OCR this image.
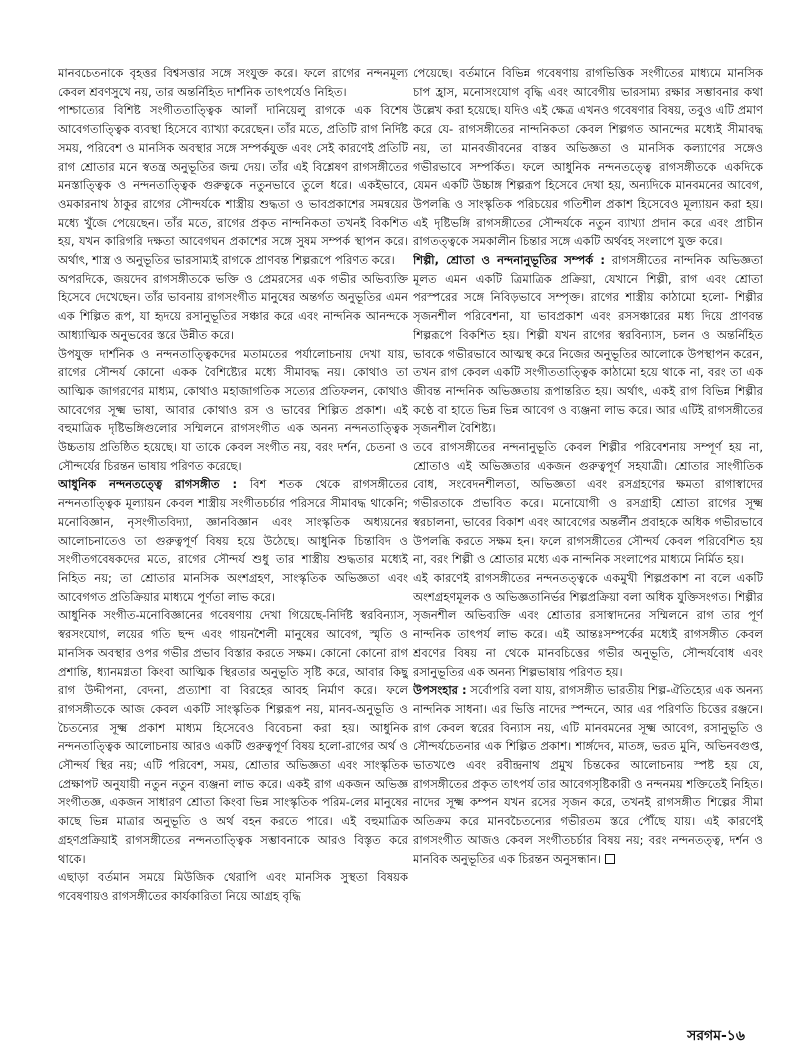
মানবচেতনাকে বৃহত্তর বিশ্বসত্তার সঙ্গে সংযুক্ত করে। ফলে রাগের নন্দনমূল্য কেবল শ্রবণসুখে নয়, তার অন্তর্নিহিত দার্শনিক তাৎপর্যেও নিহিত।

পাশ্চাত্যের বিশিষ্ট সংগীততাত্ত্বিক আলাঁ দানিয়েলু রাগকে এক বিশেষ আবেগতাত্ত্বিক ব্যবস্থা হিসেবে ব্যাখ্যা করেছেন। তাঁর মতে, প্রতিটি রাগ নির্দিষ্ট সময়, পরিবেশ ও মানসিক অবস্থার সঙ্গে সম্পর্কযুক্ত এবং সেই কারণেই প্রতিটি রাগ শ্রোতার মনে স্বতন্ত্র অনুভূতির জন্ম দেয়। তাঁর এই বিশ্লেষণ রাগসঙ্গীতের মনস্তাত্ত্বিক ও নন্দনতাত্ত্বিক গুরুত্বকে নতুনভাবে তুলে ধরে। একইভাবে, ওমকারনাথ ঠাকুর রাগের সৌন্দর্যকে শাস্ত্রীয় শুদ্ধতা ও ভাবপ্রকাশের সমন্বয়ের মধ্যে খুঁজে পেয়েছেন। তাঁর মতে, রাগের প্রকৃত নান্দনিকতা তখনই বিকশিত হয়, যখন কারিগরি দক্ষতা আবেগঘন প্রকাশের সঙ্গে সুষম সম্পর্ক স্থাপন করে। অর্থাৎ, শাস্ত্র ও অনুভূতির ভারসাম্যই রাগকে প্রাণবন্ত শিল্পরূপে পরিণত করে।

অপরদিকে, জয়দেব রাগসঙ্গীতকে ভক্তি ও প্রেমরসের এক গভীর অভিব্যক্তি হিসেবে দেখেছেন। তাঁর ভাবনায় রাগসংগীত মানুষের অন্তর্গত অনুভূতির এমন এক শিল্পিত রূপ, যা হৃদয়ে রসানুভূতির সঞ্চার করে এবং নান্দনিক আনন্দকে আধ্যাত্মিক অনুভবের স্তরে উন্নীত করে।

উপযুক্ত দার্শনিক ও নন্দনতাত্ত্বিকদের মতামতের পর্যালোচনায় দেখা যায়, রাগের সৌন্দর্য কোনো একক বৈশিষ্ট্যের মধ্যে সীমাবদ্ধ নয়। কোথাও তা আত্মিক জাগরণের মাধ্যম, কোথাও মহাজাগতিক সত্যের প্রতিফলন, কোথাও আবেগের সূক্ষ্ম ভাষা, আবার কোথাও রস ও ভাবের শিল্পিত প্রকাশ। এই বহুমাত্রিক দৃষ্টিভঙ্গিগুলোর সম্মিলনে রাগসংগীত এক অনন্য নন্দনতাত্ত্বিক উচ্চতায় প্রতিষ্ঠিত হয়েছে। যা তাকে কেবল সংগীত নয়, বরং দর্শন, চেতনা ও সৌন্দর্যের চিরন্তন ভাষায় পরিণত করেছে।

আধুনিক নন্দনতত্ত্বে রাগসঙ্গীত : বিশ শতক থেকে রাগসঙ্গীতের নন্দনতাত্ত্বিক মূল্যায়ন কেবল শাস্ত্রীয় সংগীতচর্চার পরিসরে সীমাবদ্ধ থাকেনি; মনোবিজ্ঞান, নৃসংগীতবিদ্যা, জ্ঞানবিজ্ঞান এবং সাংস্কৃতিক অধ্যয়নের আলোচনাতেও তা গুরুত্বপূর্ণ বিষয় হয়ে উঠেছে। আধুনিক চিন্তাবিদ ও সংগীতগবেষকদের মতে, রাগের সৌন্দর্য শুধু তার শাস্ত্রীয় শুদ্ধতার মধ্যেই নিহিত নয়; তা শ্রোতার মানসিক অংশগ্রহণ, সাংস্কৃতিক অভিজ্ঞতা এবং আবেগগত প্রতিক্রিয়ার মাধ্যমে পূর্ণতা লাভ করে।

আধুনিক সংগীত-মনোবিজ্ঞানের গবেষণায় দেখা গিয়েছে-নির্দিষ্ট স্বরবিন্যাস, স্বরসংযোগ, লয়ের গতি ছন্দ এবং গায়নশৈলী মানুষের আবেগ, স্মৃতি ও মানসিক অবস্থার ওপর গভীর প্রভাব বিস্তার করতে সক্ষম। কোনো কোনো রাগ প্রশান্তি, ধ্যানমগ্নতা কিংবা আত্মিক স্থিরতার অনুভূতি সৃষ্টি করে, আবার কিছু রাগ উদ্দীপনা, বেদনা, প্রত্যাশা বা বিরহের আবহ নির্মাণ করে। ফলে রাগসঙ্গীতকে আজ কেবল একটি সাংস্কৃতিক শিল্পরূপ নয়, মানব-অনুভূতি ও চৈতন্যের সূক্ষ্ম প্রকাশ মাধ্যম হিসেবেও বিবেচনা করা হয়। আধুনিক নন্দনতাত্ত্বিক আলোচনায় আরও একটি গুরুত্বপূর্ণ বিষয় হলো-রাগের অর্থ ও সৌন্দর্য স্থির নয়; এটি পরিবেশ, সময়, শ্রোতার অভিজ্ঞতা এবং সাংস্কৃতিক প্রেক্ষাপট অনুযায়ী নতুন নতুন ব্যঞ্জনা লাভ করে। একই রাগ একজন অভিজ্ঞ সংগীতজ্ঞ, একজন সাধারণ শ্রোতা কিংবা ভিন্ন সাংস্কৃতিক পরিম-লের মানুষের কাছে ভিন্ন মাত্রার অনুভূতি ও অর্থ বহন করতে পারে। এই বহুমাত্রিক গ্রহণপ্রক্রিয়াই রাগসঙ্গীতের নন্দনতাত্ত্বিক সম্ভাবনাকে আরও বিস্তৃত করে থাকে।

এছাড়া বর্তমান সময়ে মিউজিক থেরাপি এবং মানসিক সুস্থতা বিষয়ক গবেষণায়ও রাগসঙ্গীতের কার্যকারিতা নিয়ে আগ্রহ বৃদ্ধি

পেয়েছে। বর্তমানে বিভিন্ন গবেষণায় রাগভিত্তিক সংগীতের মাধ্যমে মানসিক চাপ হ্রাস, মনোসংযোগ বৃদ্ধি এবং আবেগীয় ভারসাম্য রক্ষার সম্ভাবনার কথা উল্লেখ করা হয়েছে। যদিও এই ক্ষেত্র এখনও গবেষণার বিষয়, তবুও এটি প্রমাণ করে যে- রাগসঙ্গীতের নান্দনিকতা কেবল শিল্পগত আনন্দের মধ্যেই সীমাবদ্ধ নয়, তা মানবজীবনের বাস্তব অভিজ্ঞতা ও মানসিক কল্যাণের সঙ্গেও গভীরভাবে সম্পর্কিত। ফলে আধুনিক নন্দনতত্ত্বে রাগসঙ্গীতকে একদিকে যেমন একটি উচ্চাঙ্গ শিল্পরূপ হিসেবে দেখা হয়, অন্যদিকে মানবমনের আবেগ, উপলব্ধি ও সাংস্কৃতিক পরিচয়ের গতিশীল প্রকাশ হিসেবেও মূল্যায়ন করা হয়। এই দৃষ্টিভঙ্গি রাগসঙ্গীতের সৌন্দর্যকে নতুন ব্যাখ্যা প্রদান করে এবং প্রাচীন রাগতত্ত্বকে সমকালীন চিন্তার সঙ্গে একটি অর্থবহ সংলাপে যুক্ত করে।

শিল্পী, শ্রোতা ও নন্দনানুভূতির সম্পর্ক : রাগসঙ্গীতের নান্দনিক অভিজ্ঞতা মূলত এমন একটি ত্রিমাত্রিক প্রক্রিয়া, যেখানে শিল্পী, রাগ এবং শ্রোতা পরস্পরের সঙ্গে নিবিড়ভাবে সম্পৃক্ত। রাগের শাস্ত্রীয় কাঠামো হলো- শিল্পীর সৃজনশীল পরিবেশনা, যা ভাবপ্রকাশ এবং রসসঞ্চারের মধ্য দিয়ে প্রাণবন্ত শিল্পরূপে বিকশিত হয়। শিল্পী যখন রাগের স্বরবিন্যাস, চলন ও অন্তর্নিহিত ভাবকে গভীরভাবে আত্মস্থ করে নিজের অনুভূতির আলোকে উপস্থাপন করেন, তখন রাগ কেবল একটি সংগীততাত্ত্বিক কাঠামো হয়ে থাকে না, বরং তা এক জীবন্ত নান্দনিক অভিজ্ঞতায় রূপান্তরিত হয়। অর্থাৎ, একই রাগ বিভিন্ন শিল্পীর কণ্ঠে বা হাতে ভিন্ন ভিন্ন আবেগ ও ব্যঞ্জনা লাভ করে। আর এটিই রাগসঙ্গীতের সৃজনশীল বৈশিষ্ট্য।

তবে রাগসঙ্গীতের নন্দনানুভূতি কেবল শিল্পীর পরিবেশনায় সম্পূর্ণ হয় না, শ্রোতাও এই অভিজ্ঞতার একজন গুরুত্বপূর্ণ সহযাত্রী। শ্রোতার সাংগীতিক বোধ, সংবেদনশীলতা, অভিজ্ঞতা এবং রসগ্রহণের ক্ষমতা রাগাস্বাদের গভীরতাকে প্রভাবিত করে। মনোযোগী ও রসগ্রাহী শ্রোতা রাগের সূক্ষ্ম স্বরচালনা, ভাবের বিকাশ এবং আবেগের অন্তর্লীন প্রবাহকে অধিক গভীরভাবে উপলব্ধি করতে সক্ষম হন। ফলে রাগসঙ্গীতের সৌন্দর্য কেবল পরিবেশিত হয় না, বরং শিল্পী ও শ্রোতার মধ্যে এক নান্দনিক সংলাপের মাধ্যমে নির্মিত হয়।

এই কারণেই রাগসঙ্গীতের নন্দনতত্ত্বকে একমুখী শিল্পপ্রকাশ না বলে একটি অংশগ্রহণমূলক ও অভিজ্ঞতানির্ভর শিল্পপ্রক্রিয়া বলা অধিক যুক্তিসংগত। শিল্পীর সৃজনশীল অভিব্যক্তি এবং শ্রোতার রসাস্বাদনের সম্মিলনে রাগ তার পূর্ণ নান্দনিক তাৎপর্য লাভ করে। এই আন্তঃসম্পর্কের মধ্যেই রাগসঙ্গীত কেবল শ্রবণের বিষয় না থেকে মানবচিত্তের গভীর অনুভূতি, সৌন্দর্যবোধ এবং রসানুভূতির এক অনন্য শিল্পভাষায় পরিণত হয়।

উপসংহার : সর্বোপরি বলা যায়, রাগসঙ্গীত ভারতীয় শিল্প-ঐতিহ্যের এক অনন্য নান্দনিক সাধনা। এর ভিত্তি নাদের স্পন্দনে, আর এর পরিণতি চিত্তের রঞ্জনে। রাগ কেবল স্বরের বিন্যাস নয়, এটি মানবমনের সূক্ষ্ম আবেগ, রসানুভূতি ও সৌন্দর্যচেতনার এক শিল্পিত প্রকাশ। শার্ঙ্গদেব, মাতঙ্গ, ভরত মুনি, অভিনবগুপ্ত, ভাতখণ্ডে এবং রবীন্দ্রনাথ প্রমুখ চিন্তকের আলোচনায় স্পষ্ট হয় যে, রাগসঙ্গীতের প্রকৃত তাৎপর্য তার আবেগসৃষ্টিকারী ও নন্দনময় শক্তিতেই নিহিত। নাদের সূক্ষ্ম কম্পন যখন রসের সৃজন করে, তখনই রাগসঙ্গীত শিল্পের সীমা অতিক্রম করে মানবচৈতন্যের গভীরতম স্তরে পৌঁছে যায়। এই কারণেই রাগসংগীত আজও কেবল সংগীতচর্চার বিষয় নয়; বরং নন্দনতত্ত্ব, দর্শন ও মানবিক অনুভূতির এক চিরন্তন অনুসন্ধান।

সরগম-১৬
